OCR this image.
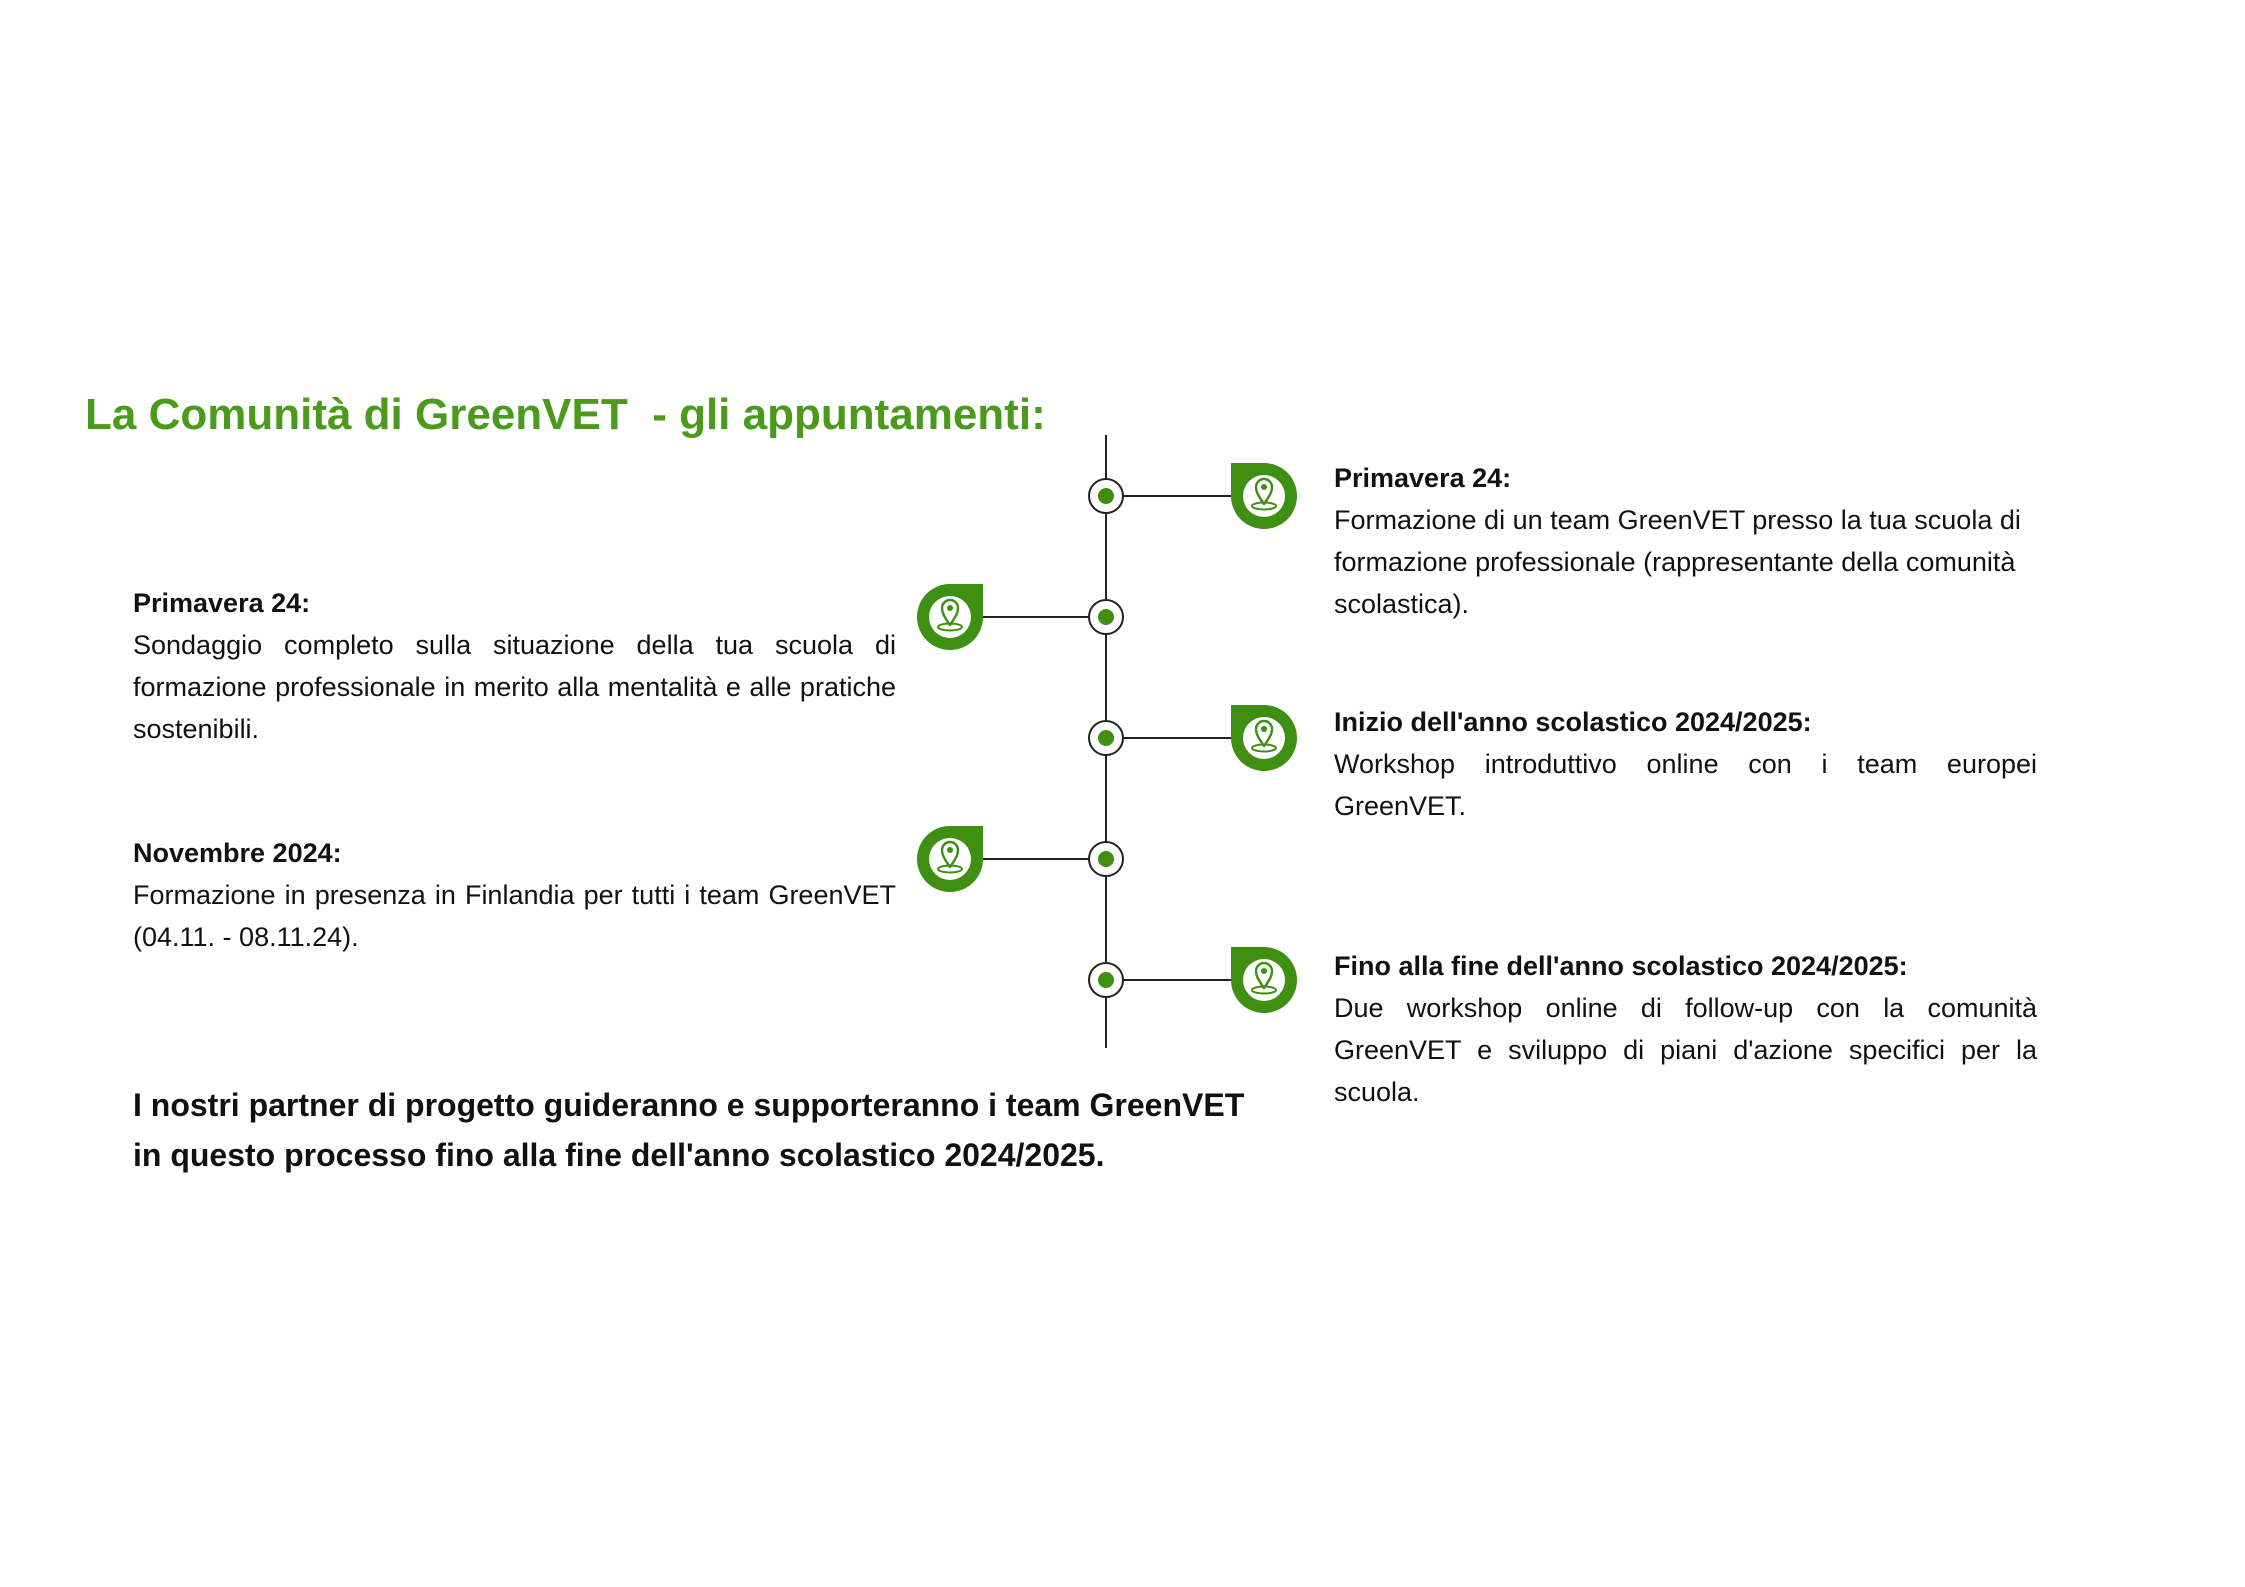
La Comunità di GreenVET  - gli appuntamenti:
Primavera 24:
Formazione di un team GreenVET presso la tua scuola di formazione professionale (rappresentante della comunità scolastica).
Primavera 24:
Sondaggio completo sulla situazione della tua scuola di formazione professionale in merito alla mentalità e alle pratiche sostenibili.	Inizio dell'anno scolastico 2024/2025:
Workshop introduttivo online con i team europei GreenVET.
Novembre 2024:
Formazione in presenza in Finlandia per tutti i team GreenVET (04.11. - 08.11.24).
Fino alla fine dell'anno scolastico 2024/2025:
Due workshop online di follow-up con la comunità GreenVET e sviluppo di piani d'azione specifici per la scuola.
I nostri partner di progetto guideranno e supporteranno i team GreenVET in questo processo fino alla fine dell'anno scolastico 2024/2025.
